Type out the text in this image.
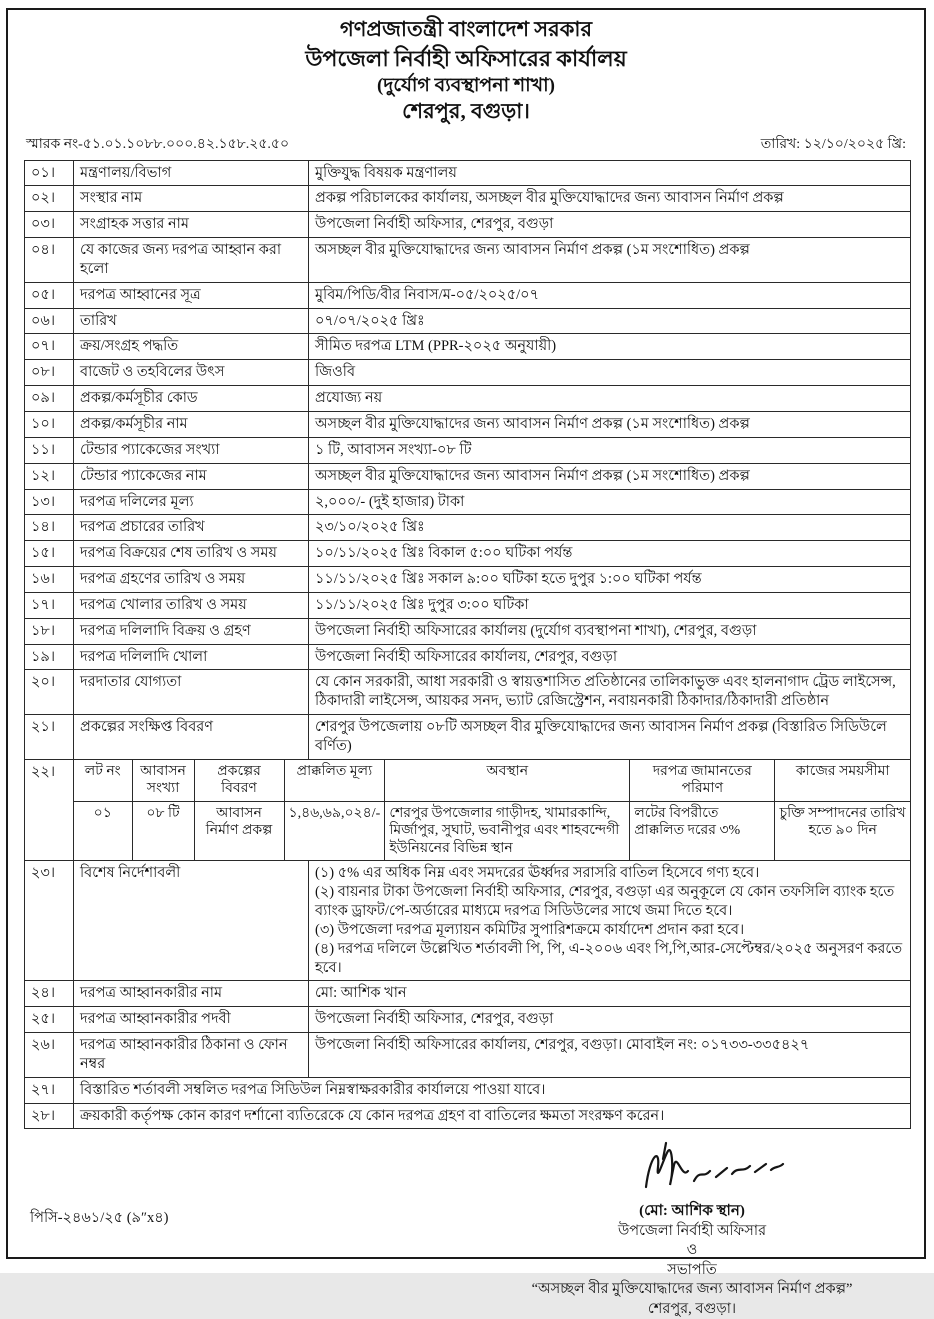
গণপ্রজাতন্ত্রী বাংলাদেশ সরকার
উপজেলা নির্বাহী অফিসারের কার্যালয়
(দুর্যোগ ব্যবস্থাপনা শাখা)
শেরপুর, বগুড়া।
স্মারক নং-৫১.০১.১০৮৮.০০০.৪২.১৫৮.২৫.৫০	তারিখ: ১২/১০/২০২৫ খ্রি:
০১।	মন্ত্রণালয়/বিভাগ	মুক্তিযুদ্ধ বিষয়ক মন্ত্রণালয়
০২।	সংস্থার নাম	প্রকল্প পরিচালকের কার্যালয়, অসচ্ছল বীর মুক্তিযোদ্ধাদের জন্য আবাসন নির্মাণ প্রকল্প
০৩।	সংগ্রাহক সত্তার নাম	উপজেলা নির্বাহী অফিসার, শেরপুর, বগুড়া
০৪।	যে কাজের জন্য দরপত্র আহ্বান করা হলো	অসচ্ছল বীর মুক্তিযোদ্ধাদের জন্য আবাসন নির্মাণ প্রকল্প (১ম সংশোধিত) প্রকল্প
০৫।	দরপত্র আহ্বানের সূত্র	মুবিম/পিডি/বীর নিবাস/ম-০৫/২০২৫/০৭
০৬।	তারিখ	০৭/০৭/২০২৫ খ্রিঃ
০৭।	ক্রয়/সংগ্রহ পদ্ধতি	সীমিত দরপত্র LTM (PPR-২০২৫ অনুযায়ী)
০৮।	বাজেট ও তহবিলের উৎস	জিওবি
০৯।	প্রকল্প/কর্মসূচীর কোড	প্রযোজ্য নয়
১০।	প্রকল্প/কর্মসূচীর নাম	অসচ্ছল বীর মুক্তিযোদ্ধাদের জন্য আবাসন নির্মাণ প্রকল্প (১ম সংশোধিত) প্রকল্প
১১।	টেন্ডার প্যাকেজের সংখ্যা	১ টি, আবাসন সংখ্যা-০৮ টি
১২।	টেন্ডার প্যাকেজের নাম	অসচ্ছল বীর মুক্তিযোদ্ধাদের জন্য আবাসন নির্মাণ প্রকল্প (১ম সংশোধিত) প্রকল্প
১৩।	দরপত্র দলিলের মূল্য	২,০০০/- (দুই হাজার) টাকা
১৪।	দরপত্র প্রচারের তারিখ	২৩/১০/২০২৫ খ্রিঃ
১৫।	দরপত্র বিক্রয়ের শেষ তারিখ ও সময়	১০/১১/২০২৫ খ্রিঃ বিকাল ৫:০০ ঘটিকা পর্যন্ত
১৬।	দরপত্র গ্রহণের তারিখ ও সময়	১১/১১/২০২৫ খ্রিঃ সকাল ৯:০০ ঘটিকা হতে দুপুর ১:০০ ঘটিকা পর্যন্ত
১৭।	দরপত্র খোলার তারিখ ও সময়	১১/১১/২০২৫ খ্রিঃ দুপুর ৩:০০ ঘটিকা
১৮।	দরপত্র দলিলাদি বিক্রয় ও গ্রহণ	উপজেলা নির্বাহী অফিসারের কার্যালয় (দুর্যোগ ব্যবস্থাপনা শাখা), শেরপুর, বগুড়া
১৯।	দরপত্র দলিলাদি খোলা	উপজেলা নির্বাহী অফিসারের কার্যালয়, শেরপুর, বগুড়া
২০।	দরদাতার যোগ্যতা	যে কোন সরকারী, আধা সরকারী ও স্বায়ত্তশাসিত প্রতিষ্ঠানের তালিকাভুক্ত এবং হালনাগাদ ট্রেড লাইসেন্স, ঠিকাদারী লাইসেন্স, আয়কর সনদ, ভ্যাট রেজিস্ট্রেশন, নবায়নকারী ঠিকাদার/ঠিকাদারী প্রতিষ্ঠান
২১।	প্রকল্পের সংক্ষিপ্ত বিবরণ	শেরপুর উপজেলায় ০৮টি অসচ্ছল বীর মুক্তিযোদ্ধাদের জন্য আবাসন নির্মাণ প্রকল্প (বিস্তারিত সিডিউলে বর্ণিত)
২২।	লট নং	আবাসন সংখ্যা	প্রকল্পের বিবরণ	প্রাক্কলিত মূল্য	অবস্থান	দরপত্র জামানতের পরিমাণ	কাজের সময়সীমা
০১	০৮ টি	আবাসন নির্মাণ প্রকল্প	১,৪৬,৬৯,০২৪/-	শেরপুর উপজেলার গাড়ীদহ, খামারকান্দি, মির্জাপুর, সুঘাট, ভবানীপুর এবং শাহবন্দেগী ইউনিয়নের বিভিন্ন স্থান	লটের বিপরীতে প্রাক্কলিত দরের ৩%	চুক্তি সম্পাদনের তারিখ হতে ৯০ দিন

২৩।	বিশেষ নির্দেশাবলী	(১) ৫% এর অধিক নিম্ন এবং সমদরের ঊর্ধ্বদর সরাসরি বাতিল হিসেবে গণ্য হবে।
(২) বায়নার টাকা উপজেলা নির্বাহী অফিসার, শেরপুর, বগুড়া এর অনুকূলে যে কোন তফসিলি ব্যাংক হতে ব্যাংক ড্রাফট/পে-অর্ডারের মাধ্যমে দরপত্র সিডিউলের সাথে জমা দিতে হবে।
(৩) উপজেলা দরপত্র মূল্যায়ন কমিটির সুপারিশক্রমে কার্যাদেশ প্রদান করা হবে।
(৪) দরপত্র দলিলে উল্লেখিত শর্তাবলী পি, পি, এ-২০০৬ এবং পি,পি,আর-সেপ্টেম্বর/২০২৫ অনুসরণ করতে হবে।

২৪।	দরপত্র আহ্বানকারীর নাম	মো: আশিক খান
২৫।	দরপত্র আহ্বানকারীর পদবী	উপজেলা নির্বাহী অফিসার, শেরপুর, বগুড়া
২৬।	দরপত্র আহ্বানকারীর ঠিকানা ও ফোন নম্বর	উপজেলা নির্বাহী অফিসারের কার্যালয়, শেরপুর, বগুড়া। মোবাইল নং: ০১৭৩৩-৩৩৫৪২৭
২৭।	বিস্তারিত শর্তাবলী সম্বলিত দরপত্র সিডিউল নিম্নস্বাক্ষরকারীর কার্যালয়ে পাওয়া যাবে।
২৮।	ক্রয়কারী কর্তৃপক্ষ কোন কারণ দর্শানো ব্যতিরেকে যে কোন দরপত্র গ্রহণ বা বাতিলের ক্ষমতা সংরক্ষণ করেন।
(মো: আশিক স্থান)
উপজেলা নির্বাহী অফিসার
ও
সভাপতি
“অসচ্ছল বীর মুক্তিযোদ্ধাদের জন্য আবাসন নির্মাণ প্রকল্প”
শেরপুর, বগুড়া।
পিসি-২৪৬১/২৫ (৯″x৪)
